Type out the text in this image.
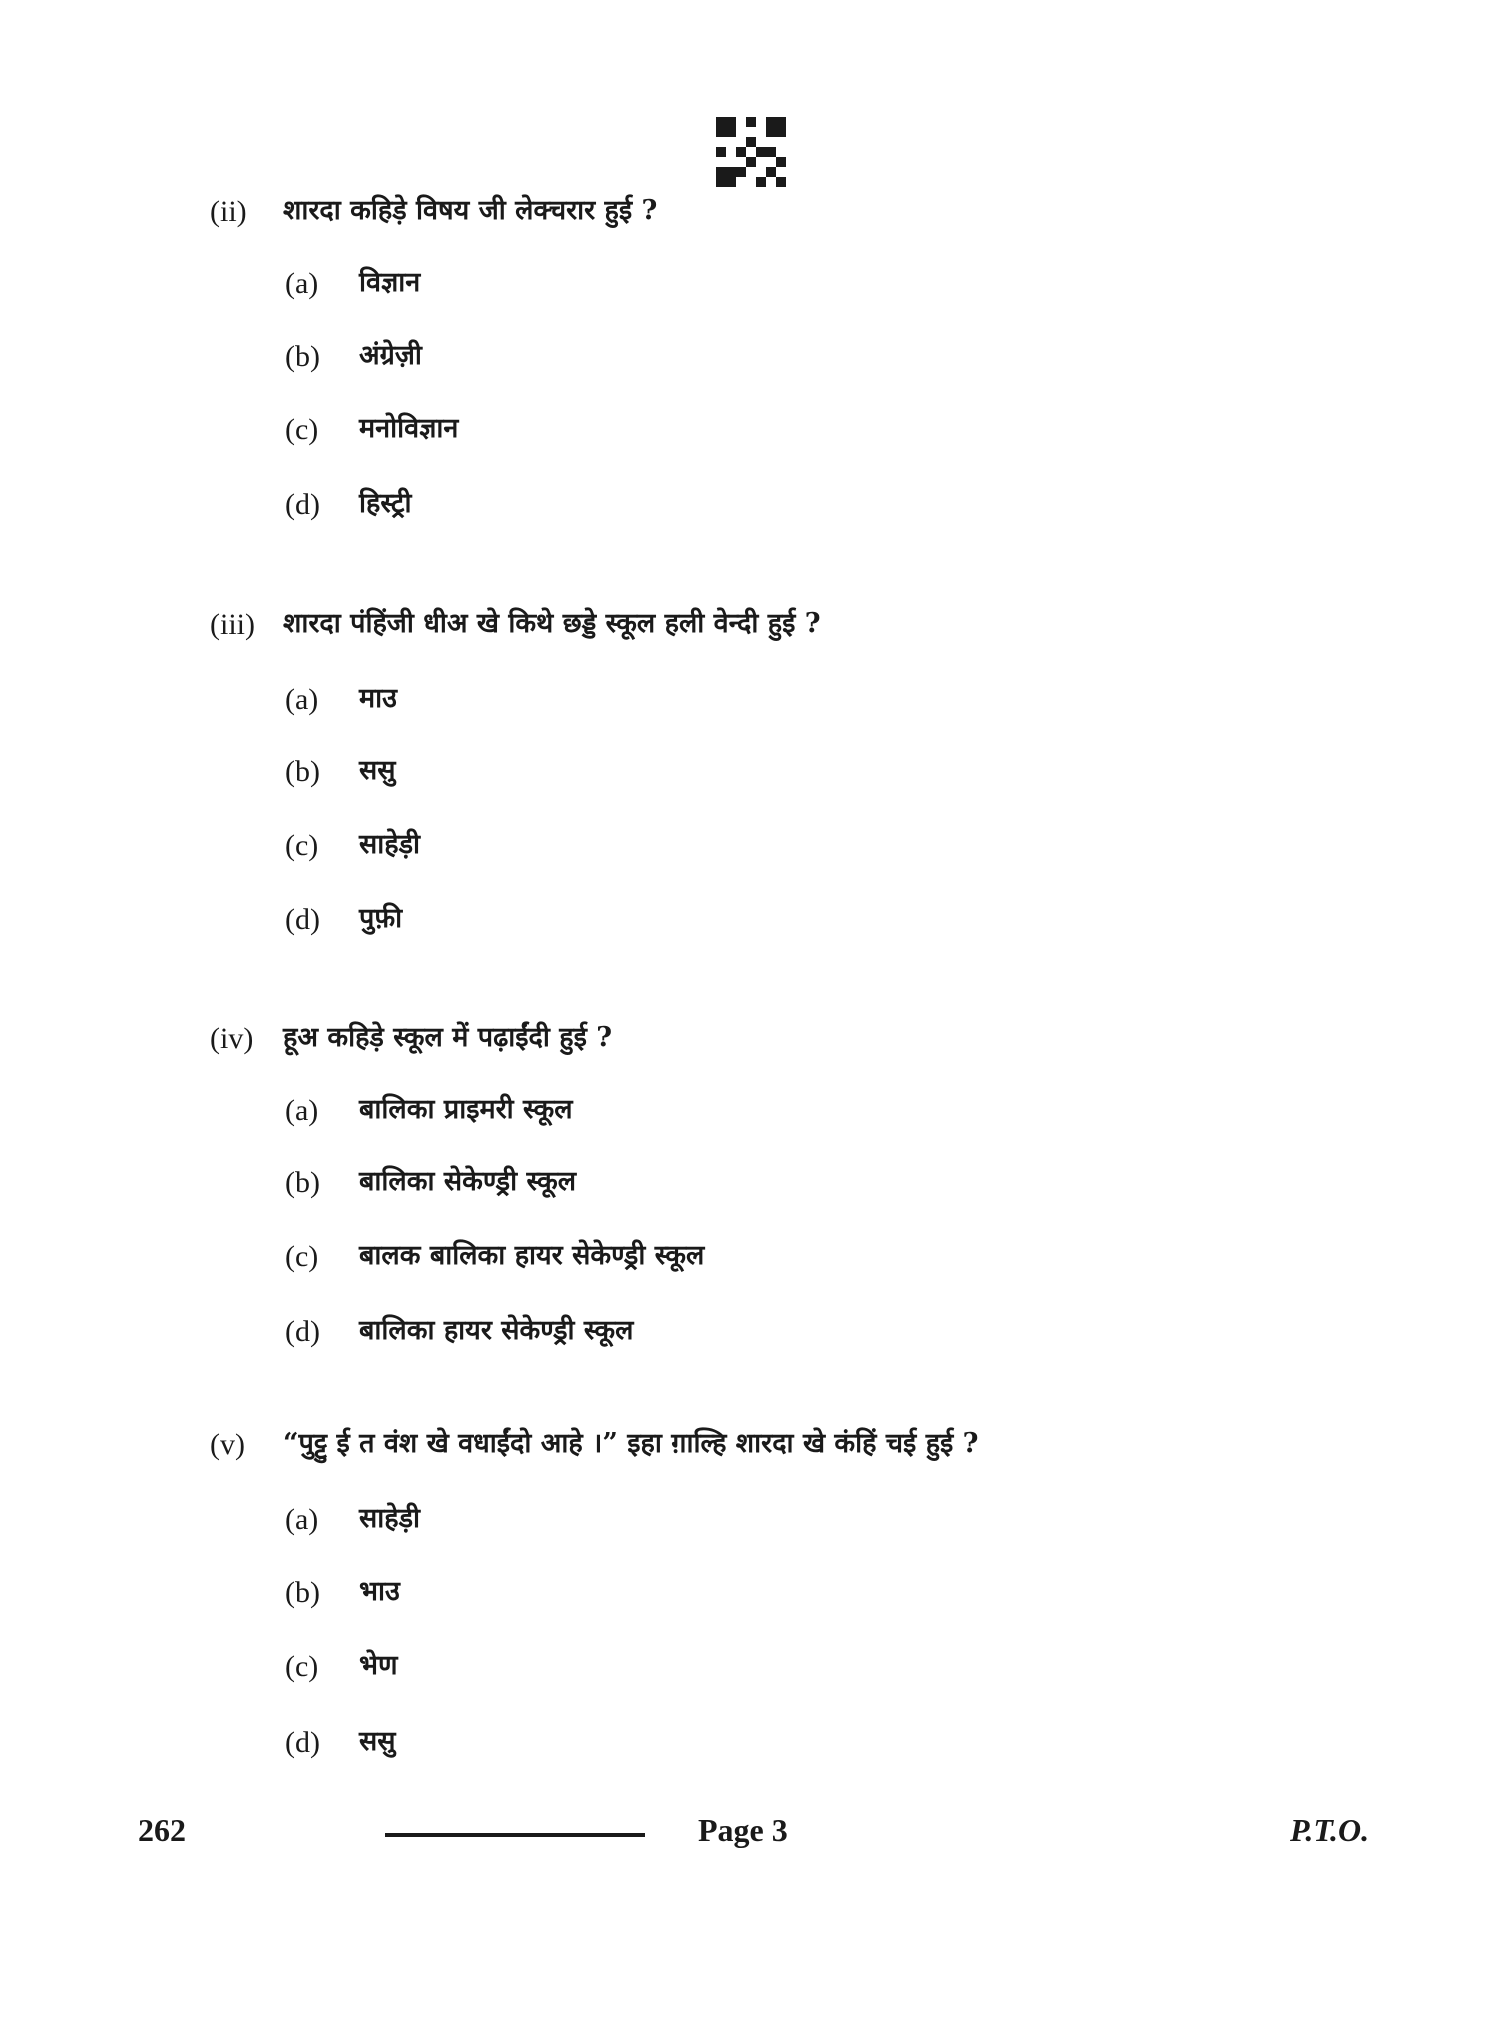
(ii) शारदा कहिड़े विषय जी लेक्चरार हुई ?
(a) विज्ञान
(b) अंग्रेज़ी
(c) मनोविज्ञान
(d) हिस्ट्री
(iii) शारदा पंहिंजी धीअ खे किथे छड्डे स्कूल हली वेन्दी हुई ?
(a) माउ
(b) ससु
(c) साहेड़ी
(d) पुफ़ी
(iv) हूअ कहिड़े स्कूल में पढ़ाईंदी हुई ?
(a) बालिका प्राइमरी स्कूल
(b) बालिका सेकेण्ड्री स्कूल
(c) बालक बालिका हायर सेकेण्ड्री स्कूल
(d) बालिका हायर सेकेण्ड्री स्कूल
(v) “पुट्टु ई त वंश खे वधाईंदो आहे ।” इहा ग़ाल्हि शारदा खे कंहिं चई हुई ?
(a) साहेड़ी
(b) भाउ
(c) भेण
(d) ससु
262	Page 3	P.T.O.
